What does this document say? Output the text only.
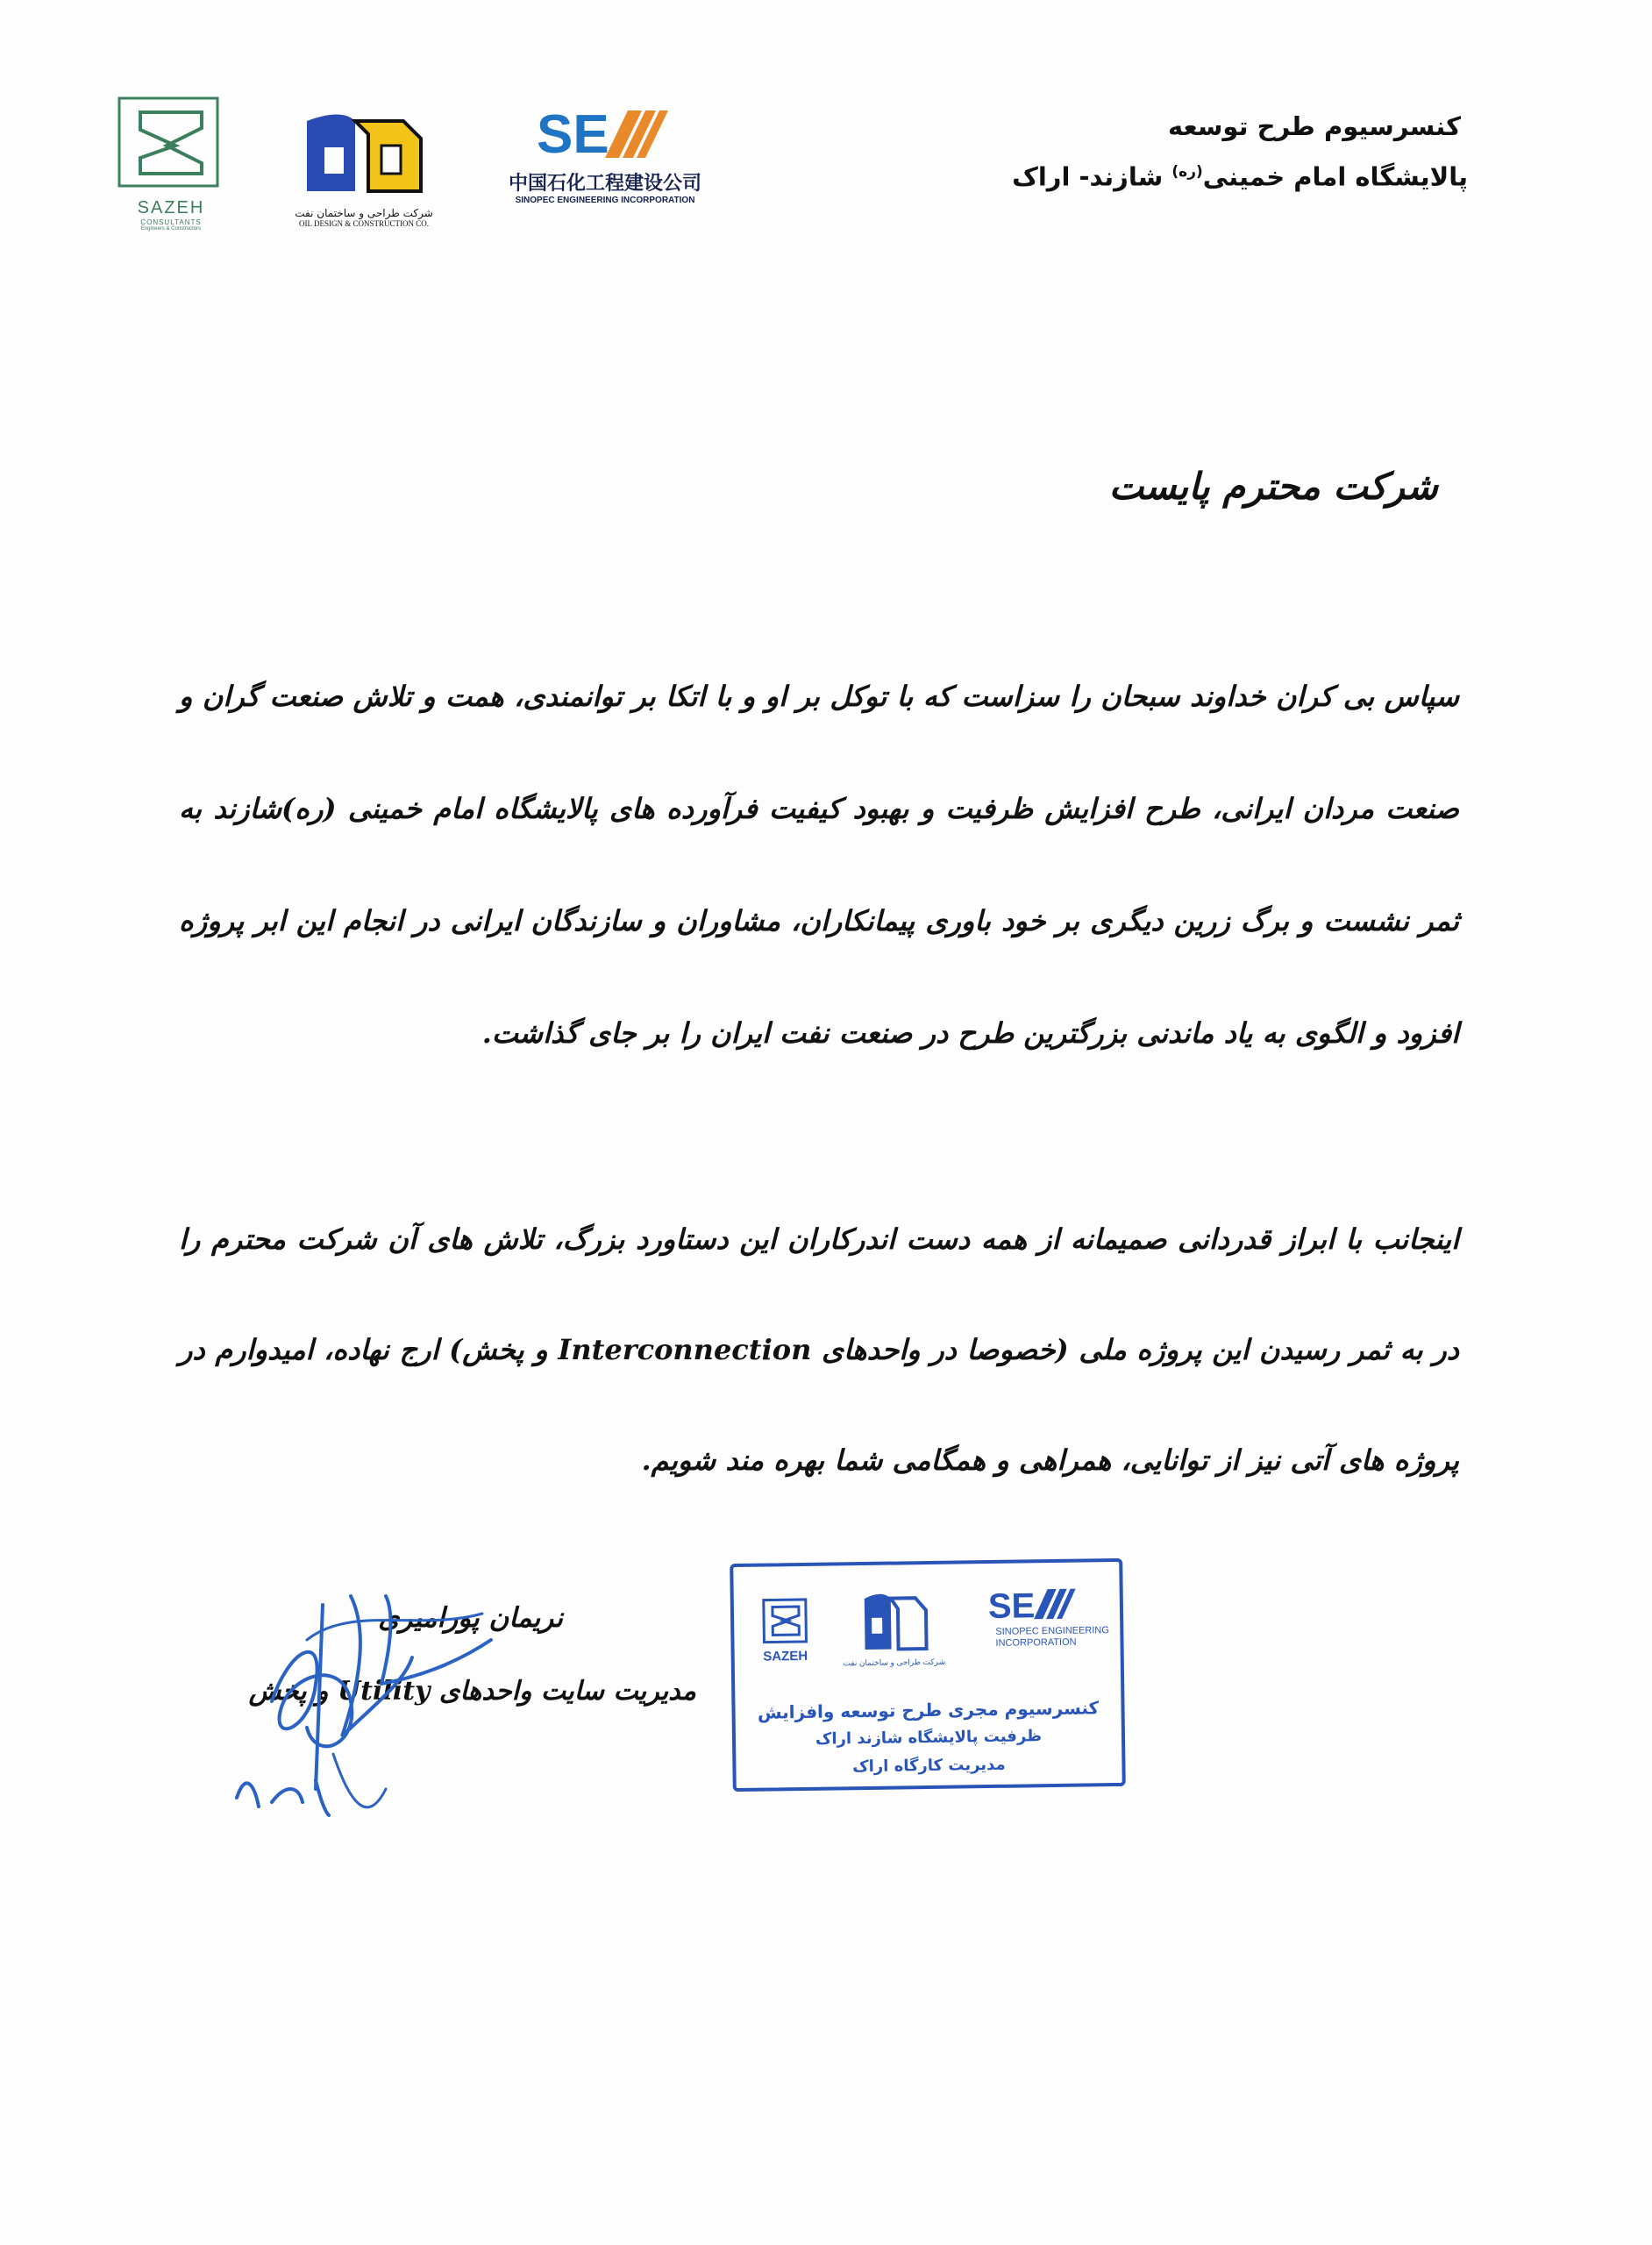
SAZEH
CONSULTANTS
Engineers & Constructors
شرکت طراحی و ساختمان نفت
OIL DESIGN & CONSTRUCTION CO.
SE
中国石化工程建设公司
SINOPEC ENGINEERING INCORPORATION
کنسرسیوم طرح توسعه
پالایشگاه امام خمینی$^{(ره)}$ شازند- اراک
شرکت محترم پایست
سپاس بی کران خداوند سبحان را سزاست که با توکل بر او و با اتکا بر توانمندی، همت و تلاش صنعت گران و صنعت مردان ایرانی، طرح افزایش ظرفیت و بهبود کیفیت فرآورده های پالایشگاه امام خمینی (ره)شازند به ثمر نشست و برگ زرین دیگری بر خود باوری پیمانکاران، مشاوران و سازندگان ایرانی در انجام این ابر پروژه افزود و الگوی به یاد ماندنی بزرگترین طرح در صنعت نفت ایران را بر جای گذاشت.
اینجانب با ابراز قدردانی صمیمانه از همه دست اندرکاران این دستاورد بزرگ، تلاش های آن شرکت محترم را در به ثمر رسیدن این پروژه ملی (خصوصا در واحدهای Interconnection و پخش) ارج نهاده، امیدوارم در پروژه های آتی نیز از توانایی، همراهی و همگامی شما بهره مند شویم.
نریمان پورامیری
مدیریت سایت واحدهای Utility و پخش
SAZEH	شرکت طراحی و ساختمان نفت
SE
SINOPEC ENGINEERING INCORPORATION
کنسرسیوم مجری طرح توسعه وافزایش
ظرفیت پالایشگاه شازند اراک
مدیریت کارگاه اراک
